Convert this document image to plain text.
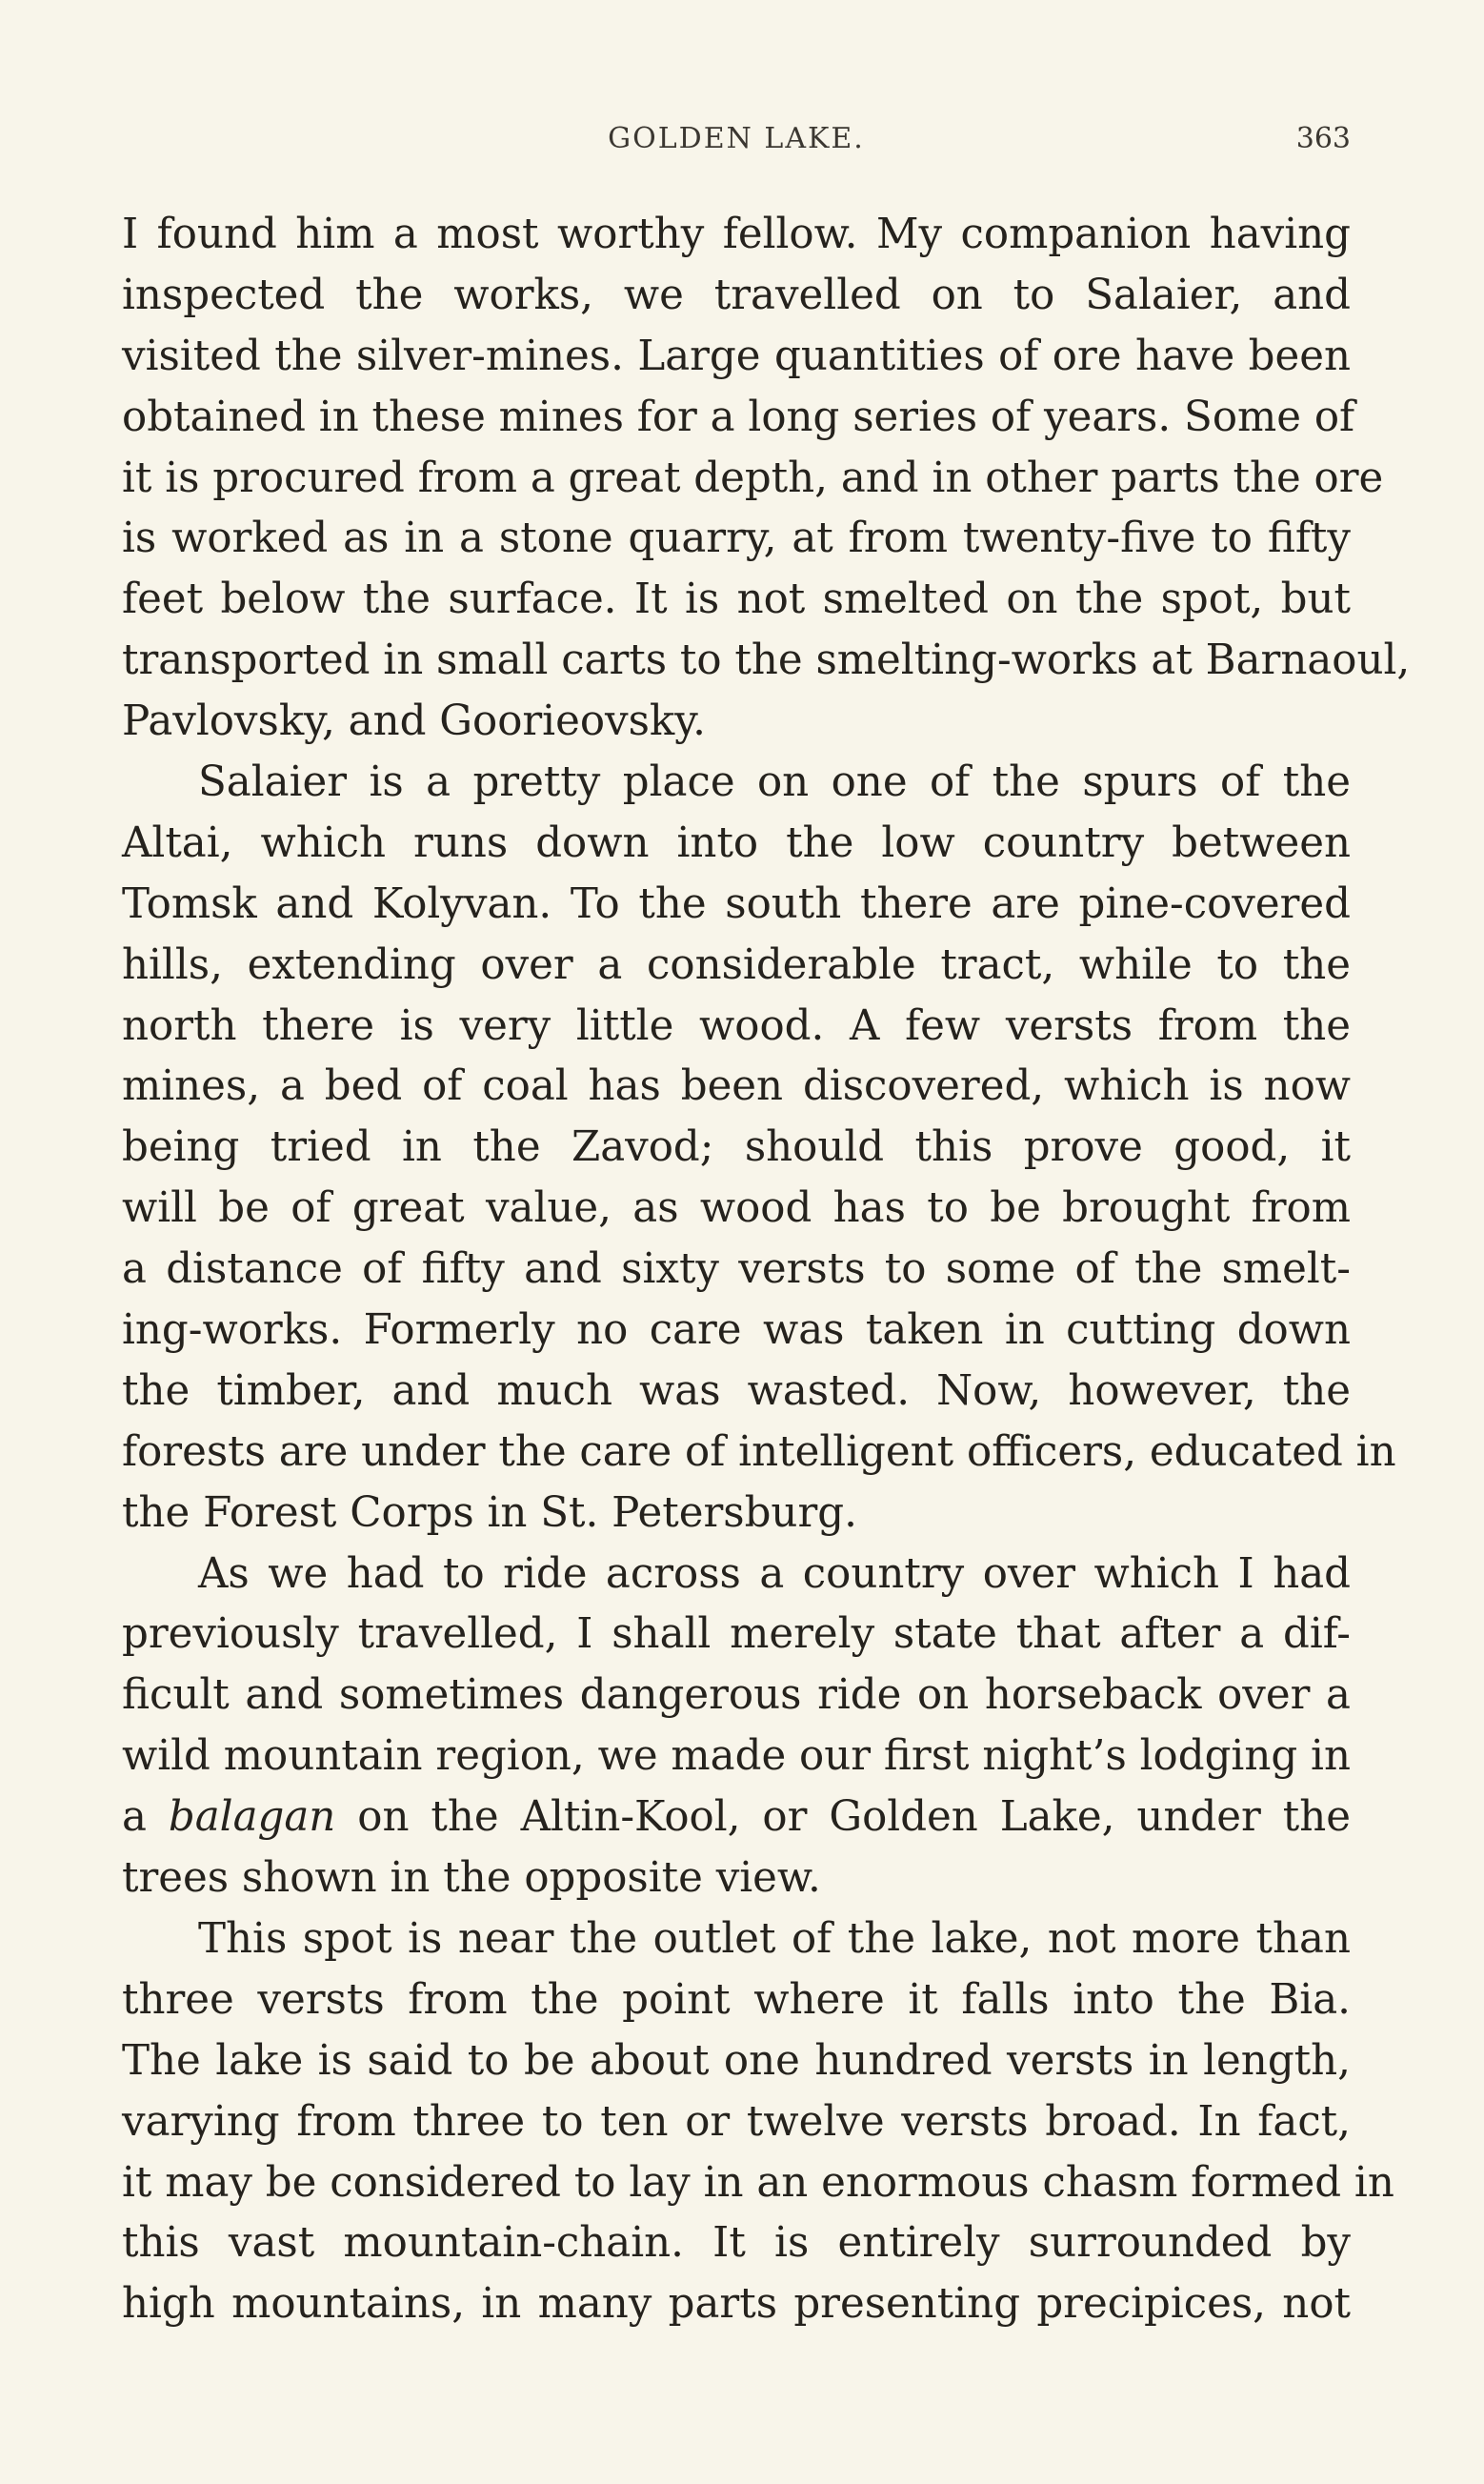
GOLDEN LAKE.	363
I found him a most worthy fellow. My companion having
inspected the works, we travelled on to Salaier, and
visited the silver-mines. Large quantities of ore have been
obtained in these mines for a long series of years. Some of
it is procured from a great depth, and in other parts the ore
is worked as in a stone quarry, at from twenty-five to fifty
feet below the surface. It is not smelted on the spot, but
transported in small carts to the smelting-works at Barnaoul,
Pavlovsky, and Goorieovsky.
Salaier is a pretty place on one of the spurs of the
Altai, which runs down into the low country between
Tomsk and Kolyvan. To the south there are pine-covered
hills, extending over a considerable tract, while to the
north there is very little wood. A few versts from the
mines, a bed of coal has been discovered, which is now
being tried in the Zavod; should this prove good, it
will be of great value, as wood has to be brought from
a distance of fifty and sixty versts to some of the smelt-
ing-works. Formerly no care was taken in cutting down
the timber, and much was wasted. Now, however, the
forests are under the care of intelligent officers, educated in
the Forest Corps in St. Petersburg.
As we had to ride across a country over which I had
previously travelled, I shall merely state that after a dif-
ficult and sometimes dangerous ride on horseback over a
wild mountain region, we made our first night’s lodging in
a balagan on the Altin-Kool, or Golden Lake, under the
trees shown in the opposite view.
This spot is near the outlet of the lake, not more than
three versts from the point where it falls into the Bia.
The lake is said to be about one hundred versts in length,
varying from three to ten or twelve versts broad. In fact,
it may be considered to lay in an enormous chasm formed in
this vast mountain-chain. It is entirely surrounded by
high mountains, in many parts presenting precipices, not
